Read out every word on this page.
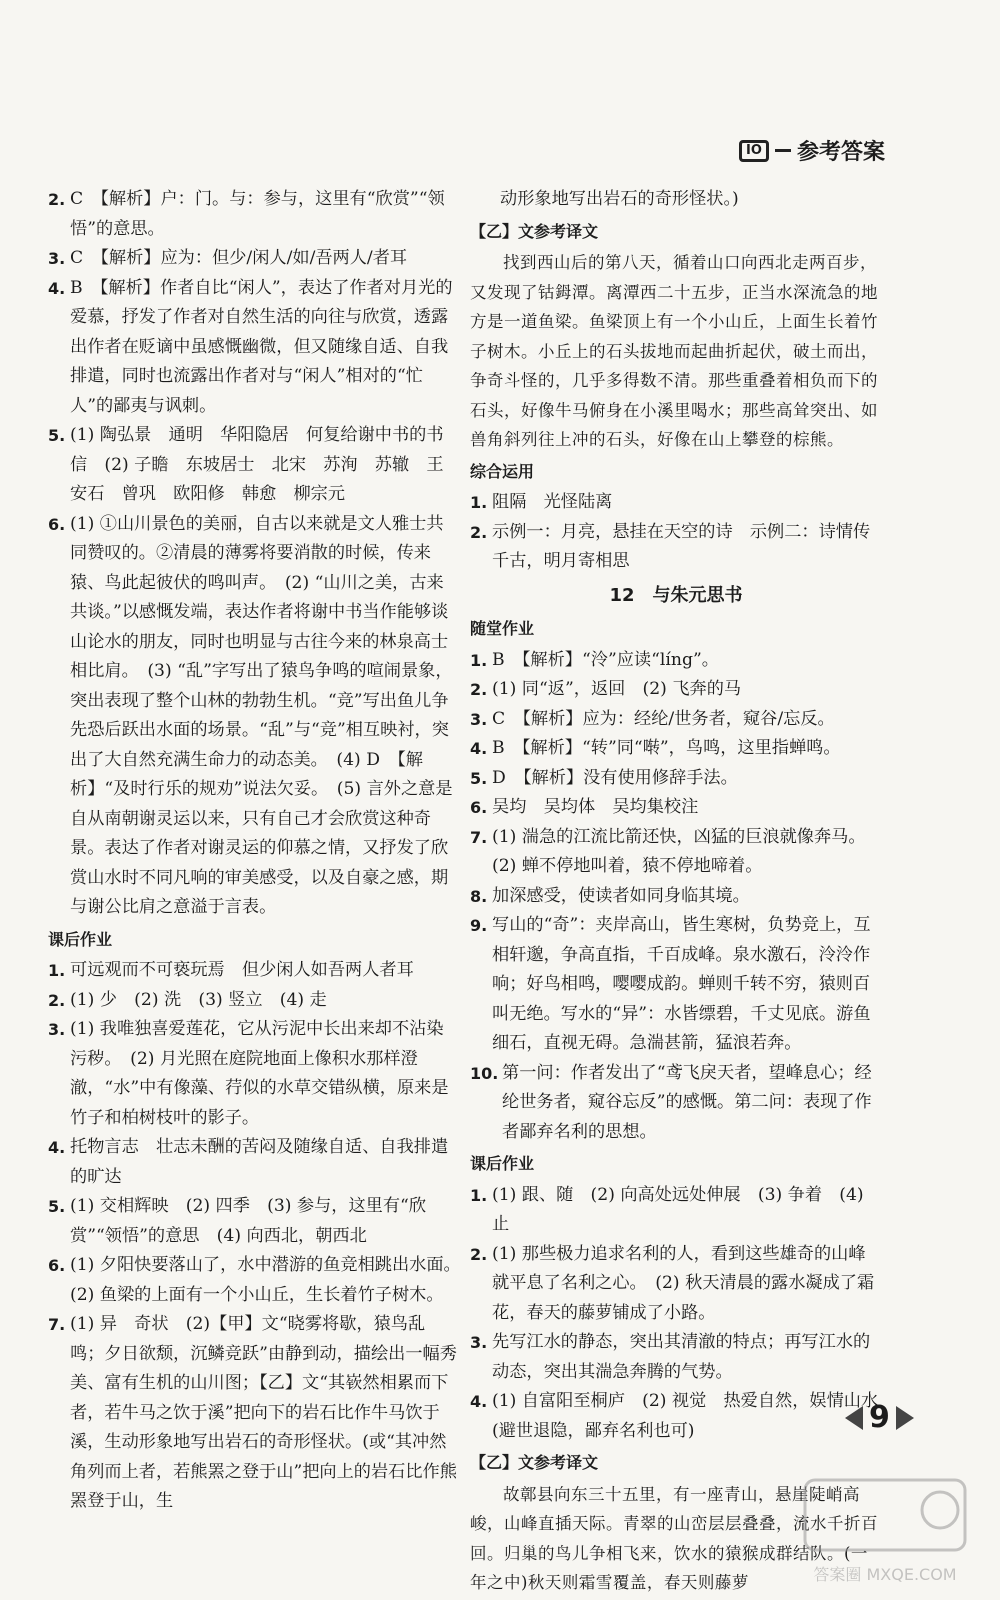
IO 参考答案
2. C　【解析】户：门。与：参与，这里有“欣赏”“领悟”的意思。
3. C　【解析】应为：但少/闲人/如/吾两人/者耳
4. B　【解析】作者自比“闲人”，表达了作者对月光的爱慕，抒发了作者对自然生活的向往与欣赏，透露出作者在贬谪中虽感慨幽微，但又随缘自适、自我排遣，同时也流露出作者对与“闲人”相对的“忙人”的鄙夷与讽刺。
5. (1) 陶弘景　通明　华阳隐居　何复给谢中书的书信　(2) 子瞻　东坡居士　北宋　苏洵　苏辙　王安石　曾巩　欧阳修　韩愈　柳宗元
6. (1) ①山川景色的美丽，自古以来就是文人雅士共同赞叹的。②清晨的薄雾将要消散的时候，传来猿、鸟此起彼伏的鸣叫声。　(2) “山川之美，古来共谈。”以感慨发端，表达作者将谢中书当作能够谈山论水的朋友，同时也明显与古往今来的林泉高士相比肩。　(3) “乱”字写出了猿鸟争鸣的喧闹景象，突出表现了整个山林的勃勃生机。“竞”写出鱼儿争先恐后跃出水面的场景。“乱”与“竞”相互映衬，突出了大自然充满生命力的动态美。　(4) D　【解析】“及时行乐的规劝”说法欠妥。　(5) 言外之意是自从南朝谢灵运以来，只有自己才会欣赏这种奇景。表达了作者对谢灵运的仰慕之情，又抒发了欣赏山水时不同凡响的审美感受，以及自豪之感，期与谢公比肩之意溢于言表。
课后作业
1. 可远观而不可亵玩焉　但少闲人如吾两人者耳
2. (1) 少　(2) 洗　(3) 竖立　(4) 走
3. (1) 我唯独喜爱莲花，它从污泥中长出来却不沾染污秽。　(2) 月光照在庭院地面上像积水那样澄澈，“水”中有像藻、荇似的水草交错纵横，原来是竹子和柏树枝叶的影子。
4. 托物言志　壮志未酬的苦闷及随缘自适、自我排遣的旷达
5. (1) 交相辉映　(2) 四季　(3) 参与，这里有“欣赏”“领悟”的意思　(4) 向西北，朝西北
6. (1) 夕阳快要落山了，水中潜游的鱼竞相跳出水面。　(2) 鱼梁的上面有一个小山丘，生长着竹子树木。
7. (1) 异　奇状　(2)【甲】文“晓雾将歇，猿鸟乱鸣；夕日欲颓，沉鳞竞跃”由静到动，描绘出一幅秀美、富有生机的山川图；【乙】文“其嵚然相累而下者，若牛马之饮于溪”把向下的岩石比作牛马饮于溪，生动形象地写出岩石的奇形怪状。(或“其冲然角列而上者，若熊罴之登于山”把向上的岩石比作熊罴登于山，生
动形象地写出岩石的奇形怪状。)
【乙】文参考译文
找到西山后的第八天，循着山口向西北走两百步，又发现了钴鉧潭。离潭西二十五步，正当水深流急的地方是一道鱼梁。鱼梁顶上有一个小山丘，上面生长着竹子树木。小丘上的石头拔地而起曲折起伏，破土而出，争奇斗怪的，几乎多得数不清。那些重叠着相负而下的石头，好像牛马俯身在小溪里喝水；那些高耸突出、如兽角斜列往上冲的石头，好像在山上攀登的棕熊。
综合运用
1. 阻隔　光怪陆离
2. 示例一：月亮，悬挂在天空的诗　示例二：诗情传千古，明月寄相思
12　与朱元思书
随堂作业
1. B　【解析】“泠”应读“líng”。
2. (1) 同“返”，返回　(2) 飞奔的马
3. C　【解析】应为：经纶/世务者，窥谷/忘反。
4. B　【解析】“转”同“啭”，鸟鸣，这里指蝉鸣。
5. D　【解析】没有使用修辞手法。
6. 吴均　吴均体　吴均集校注
7. (1) 湍急的江流比箭还快，凶猛的巨浪就像奔马。　(2) 蝉不停地叫着，猿不停地啼着。
8. 加深感受，使读者如同身临其境。
9. 写山的“奇”：夹岸高山，皆生寒树，负势竞上，互相轩邈，争高直指，千百成峰。泉水激石，泠泠作响；好鸟相鸣，嘤嘤成韵。蝉则千转不穷，猿则百叫无绝。写水的“异”：水皆缥碧，千丈见底。游鱼细石，直视无碍。急湍甚箭，猛浪若奔。
10. 第一问：作者发出了“鸢飞戾天者，望峰息心；经纶世务者，窥谷忘反”的感慨。第二问：表现了作者鄙弃名利的思想。
课后作业
1. (1) 跟、随　(2) 向高处远处伸展　(3) 争着　(4) 止
2. (1) 那些极力追求名利的人，看到这些雄奇的山峰就平息了名利之心。　(2) 秋天清晨的露水凝成了霜花，春天的藤萝铺成了小路。
3. 先写江水的静态，突出其清澈的特点；再写江水的动态，突出其湍急奔腾的气势。
4. (1) 自富阳至桐庐　(2) 视觉　热爱自然，娱情山水(避世退隐，鄙弃名利也可)
【乙】文参考译文
故鄣县向东三十五里，有一座青山，悬崖陡峭高峻，山峰直插天际。青翠的山峦层层叠叠，流水千折百回。归巢的鸟儿争相飞来，饮水的猿猴成群结队。(一年之中)秋天则霜雪覆盖，春天则藤萝
9
答案圈 MXQE.COM
